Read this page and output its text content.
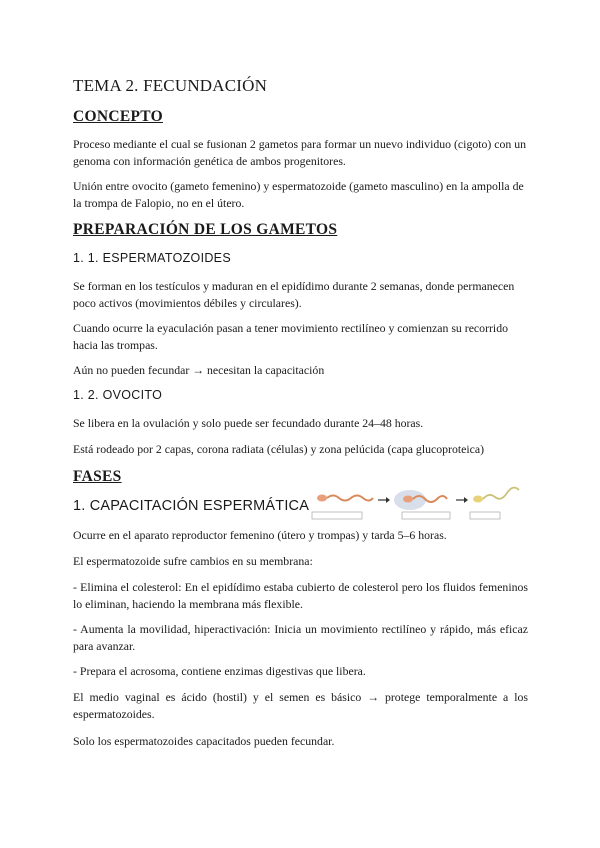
TEMA 2. FECUNDACIÓN
CONCEPTO
Proceso mediante el cual se fusionan 2 gametos para formar un nuevo individuo (cigoto) con un genoma con información genética de ambos progenitores.
Unión entre ovocito (gameto femenino) y espermatozoide (gameto masculino) en la ampolla de la trompa de Falopio, no en el útero.
PREPARACIÓN DE LOS GAMETOS
1. 1. ESPERMATOZOIDES
Se forman en los testículos y maduran en el epidídimo durante 2 semanas, donde permanecen poco activos (movimientos débiles y circulares).
Cuando ocurre la eyaculación pasan a tener movimiento rectilíneo y comienzan su recorrido hacia las trompas.
Aún no pueden fecundar → necesitan la capacitación
1. 2. OVOCITO
Se libera en la ovulación y solo puede ser fecundado durante 24–48 horas.
Está rodeado por 2 capas, corona radiata (células) y zona pelúcida (capa glucoproteica)
FASES
1. CAPACITACIÓN ESPERMÁTICA
Ocurre en el aparato reproductor femenino (útero y trompas) y tarda 5–6 horas.
El espermatozoide sufre cambios en su membrana:
- Elimina el colesterol: En el epidídimo estaba cubierto de colesterol pero los fluidos femeninos lo eliminan, haciendo la membrana más flexible.
- Aumenta la movilidad, hiperactivación: Inicia un movimiento rectilíneo y rápido, más eficaz para avanzar.
- Prepara el acrosoma, contiene enzimas digestivas que libera.
El medio vaginal es ácido (hostil) y el semen es básico → protege temporalmente a los espermatozoides.
Solo los espermatozoides capacitados pueden fecundar.
